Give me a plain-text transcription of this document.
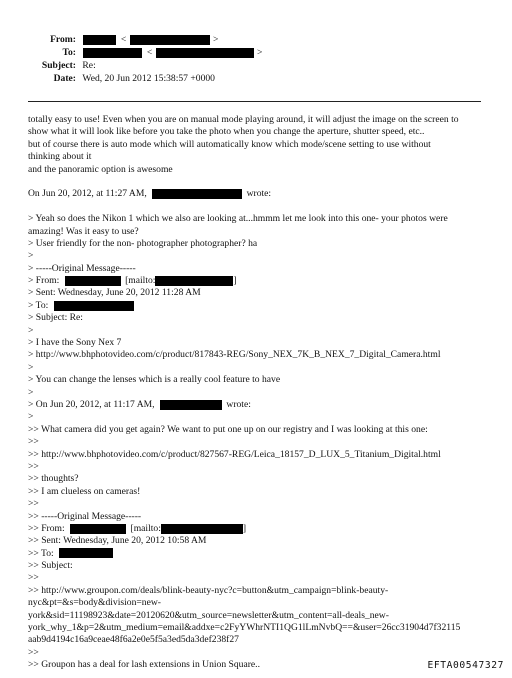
From:	<	>
To:	<	>
Subject: Re:
Date: Wed, 20 Jun 2012 15:38:57 +0000
totally easy to use! Even when you are on manual mode playing around, it will adjust the image on the screen to
show what it will look like before you take the photo when you change the aperture, shutter speed, etc..
but of course there is auto mode which will automatically know which mode/scene setting to use without
thinking about it
and the panoramic option is awesome
On Jun 20, 2012, at 11:27 AM,	wrote:
> Yeah so does the Nikon 1 which we also are looking at...hmmm let me look into this one- your photos were
amazing! Was it easy to use?
> User friendly for the non- photographer photographer? ha
>
> -----Original Message-----
> From:	[mailto:	]
> Sent: Wednesday, June 20, 2012 11:28 AM
> To:
> Subject: Re:
>
> I have the Sony Nex 7
> http://www.bhphotovideo.com/c/product/817843-REG/Sony_NEX_7K_B_NEX_7_Digital_Camera.html
>
> You can change the lenses which is a really cool feature to have
>
> On Jun 20, 2012, at 11:17 AM,	wrote:
>
>> What camera did you get again? We want to put one up on our registry and I was looking at this one:
>>
>> http://www.bhphotovideo.com/c/product/827567-REG/Leica_18157_D_LUX_5_Titanium_Digital.html
>>
>> thoughts?
>> I am clueless on cameras!
>>
>> -----Original Message-----
>> From:	[mailto:	]
>> Sent: Wednesday, June 20, 2012 10:58 AM
>> To:
>> Subject:
>>
>> http://www.groupon.com/deals/blink-beauty-nyc?c=button&utm_campaign=blink-beauty-
nyc&pt=&s=body&division=new-
york&sid=11198923&date=20120620&utm_source=newsletter&utm_content=all-deals_new-
york_why_1&p=2&utm_medium=email&addxe=c2FyYWhrNTI1QG1lLmNvbQ==&user=26cc31904d7f32115
aab9d4194c16a9ceae48f6a2e0e5f5a3ed5da3def238f27
>>
>> Groupon has a deal for lash extensions in Union Square..	EFTA00547327
